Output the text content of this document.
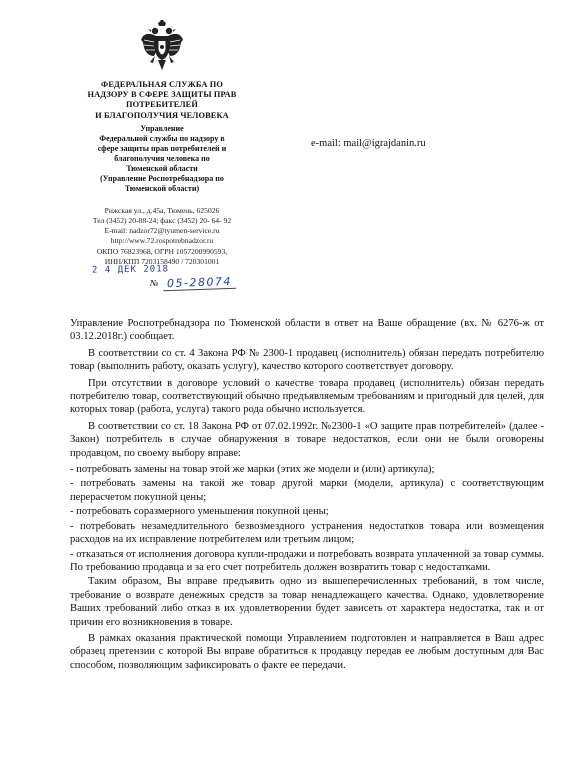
ФЕДЕРАЛЬНАЯ СЛУЖБА ПО
НАДЗОРУ В СФЕРЕ ЗАЩИТЫ ПРАВ
ПОТРЕБИТЕЛЕЙ
И БЛАГОПОЛУЧИЯ ЧЕЛОВЕКА
Управление
Федеральной службы по надзору в
сфере защиты прав потребителей и
благополучия человека по
Тюменской области
(Управление Роспотребнадзора по
Тюменской области)
Рижская ул., д.45а, Тюмень, 625026
Тел (3452) 20-88-24; факс (3452) 20- 64- 92
E-mail: nadzor72@tyumen-service.ru
http://www.72.rospotrebnadzor.ru
ОКПО 76823968, ОГРН 1057200990593,
ИНН/КПП 7203158490 / 720301001
2 4 ДЕК 2018
№ 05-28074
e-mail: mail@igrajdanin.ru

Управление Роспотребнадзора по Тюменской области в ответ на Ваше обращение (вх. № 6276-ж от 03.12.2018г.) сообщает.

В соответствии со ст. 4 Закона РФ № 2300-1 продавец (исполнитель) обязан передать потребителю товар (выполнить работу, оказать услугу), качество которого соответствует договору.

При отсутствии в договоре условий о качестве товара продавец (исполнитель) обязан передать потребителю товар, соответствующий обычно предъявляемым требованиям и пригодный для целей, для которых товар (работа, услуга) такого рода обычно используется.

В соответствии со ст. 18 Закона РФ от 07.02.1992г. №2300-1 «О защите прав потребителей» (далее - Закон) потребитель в случае обнаружения в товаре недостатков, если они не были оговорены продавцом, по своему выбору вправе:

- потребовать замены на товар этой же марки (этих же модели и (или) артикула);

- потребовать замены на такой же товар другой марки (модели, артикула) с соответствующим перерасчетом покупной цены;

- потребовать соразмерного уменьшения покупной цены;

- потребовать незамедлительного безвозмездного устранения недостатков товара или возмещения расходов на их исправление потребителем или третьим лицом;

- отказаться от исполнения договора купли-продажи и потребовать возврата уплаченной за товар суммы. По требованию продавца и за его счет потребитель должен возвратить товар с недостатками.

Таким образом, Вы вправе предъявить одно из вышеперечисленных требований, в том числе, требование о возврате денежных средств за товар ненадлежащего качества. Однако, удовлетворение Ваших требований либо отказ в их удовлетворении будет зависеть от характера недостатка, так и от причин его возникновения в товаре.

В рамках оказания практической помощи Управлением подготовлен и направляется в Ваш адрес образец претензии с которой Вы вправе обратиться к продавцу передав ее любым доступным для Вас способом, позволяющим зафиксировать о факте ее передачи.
